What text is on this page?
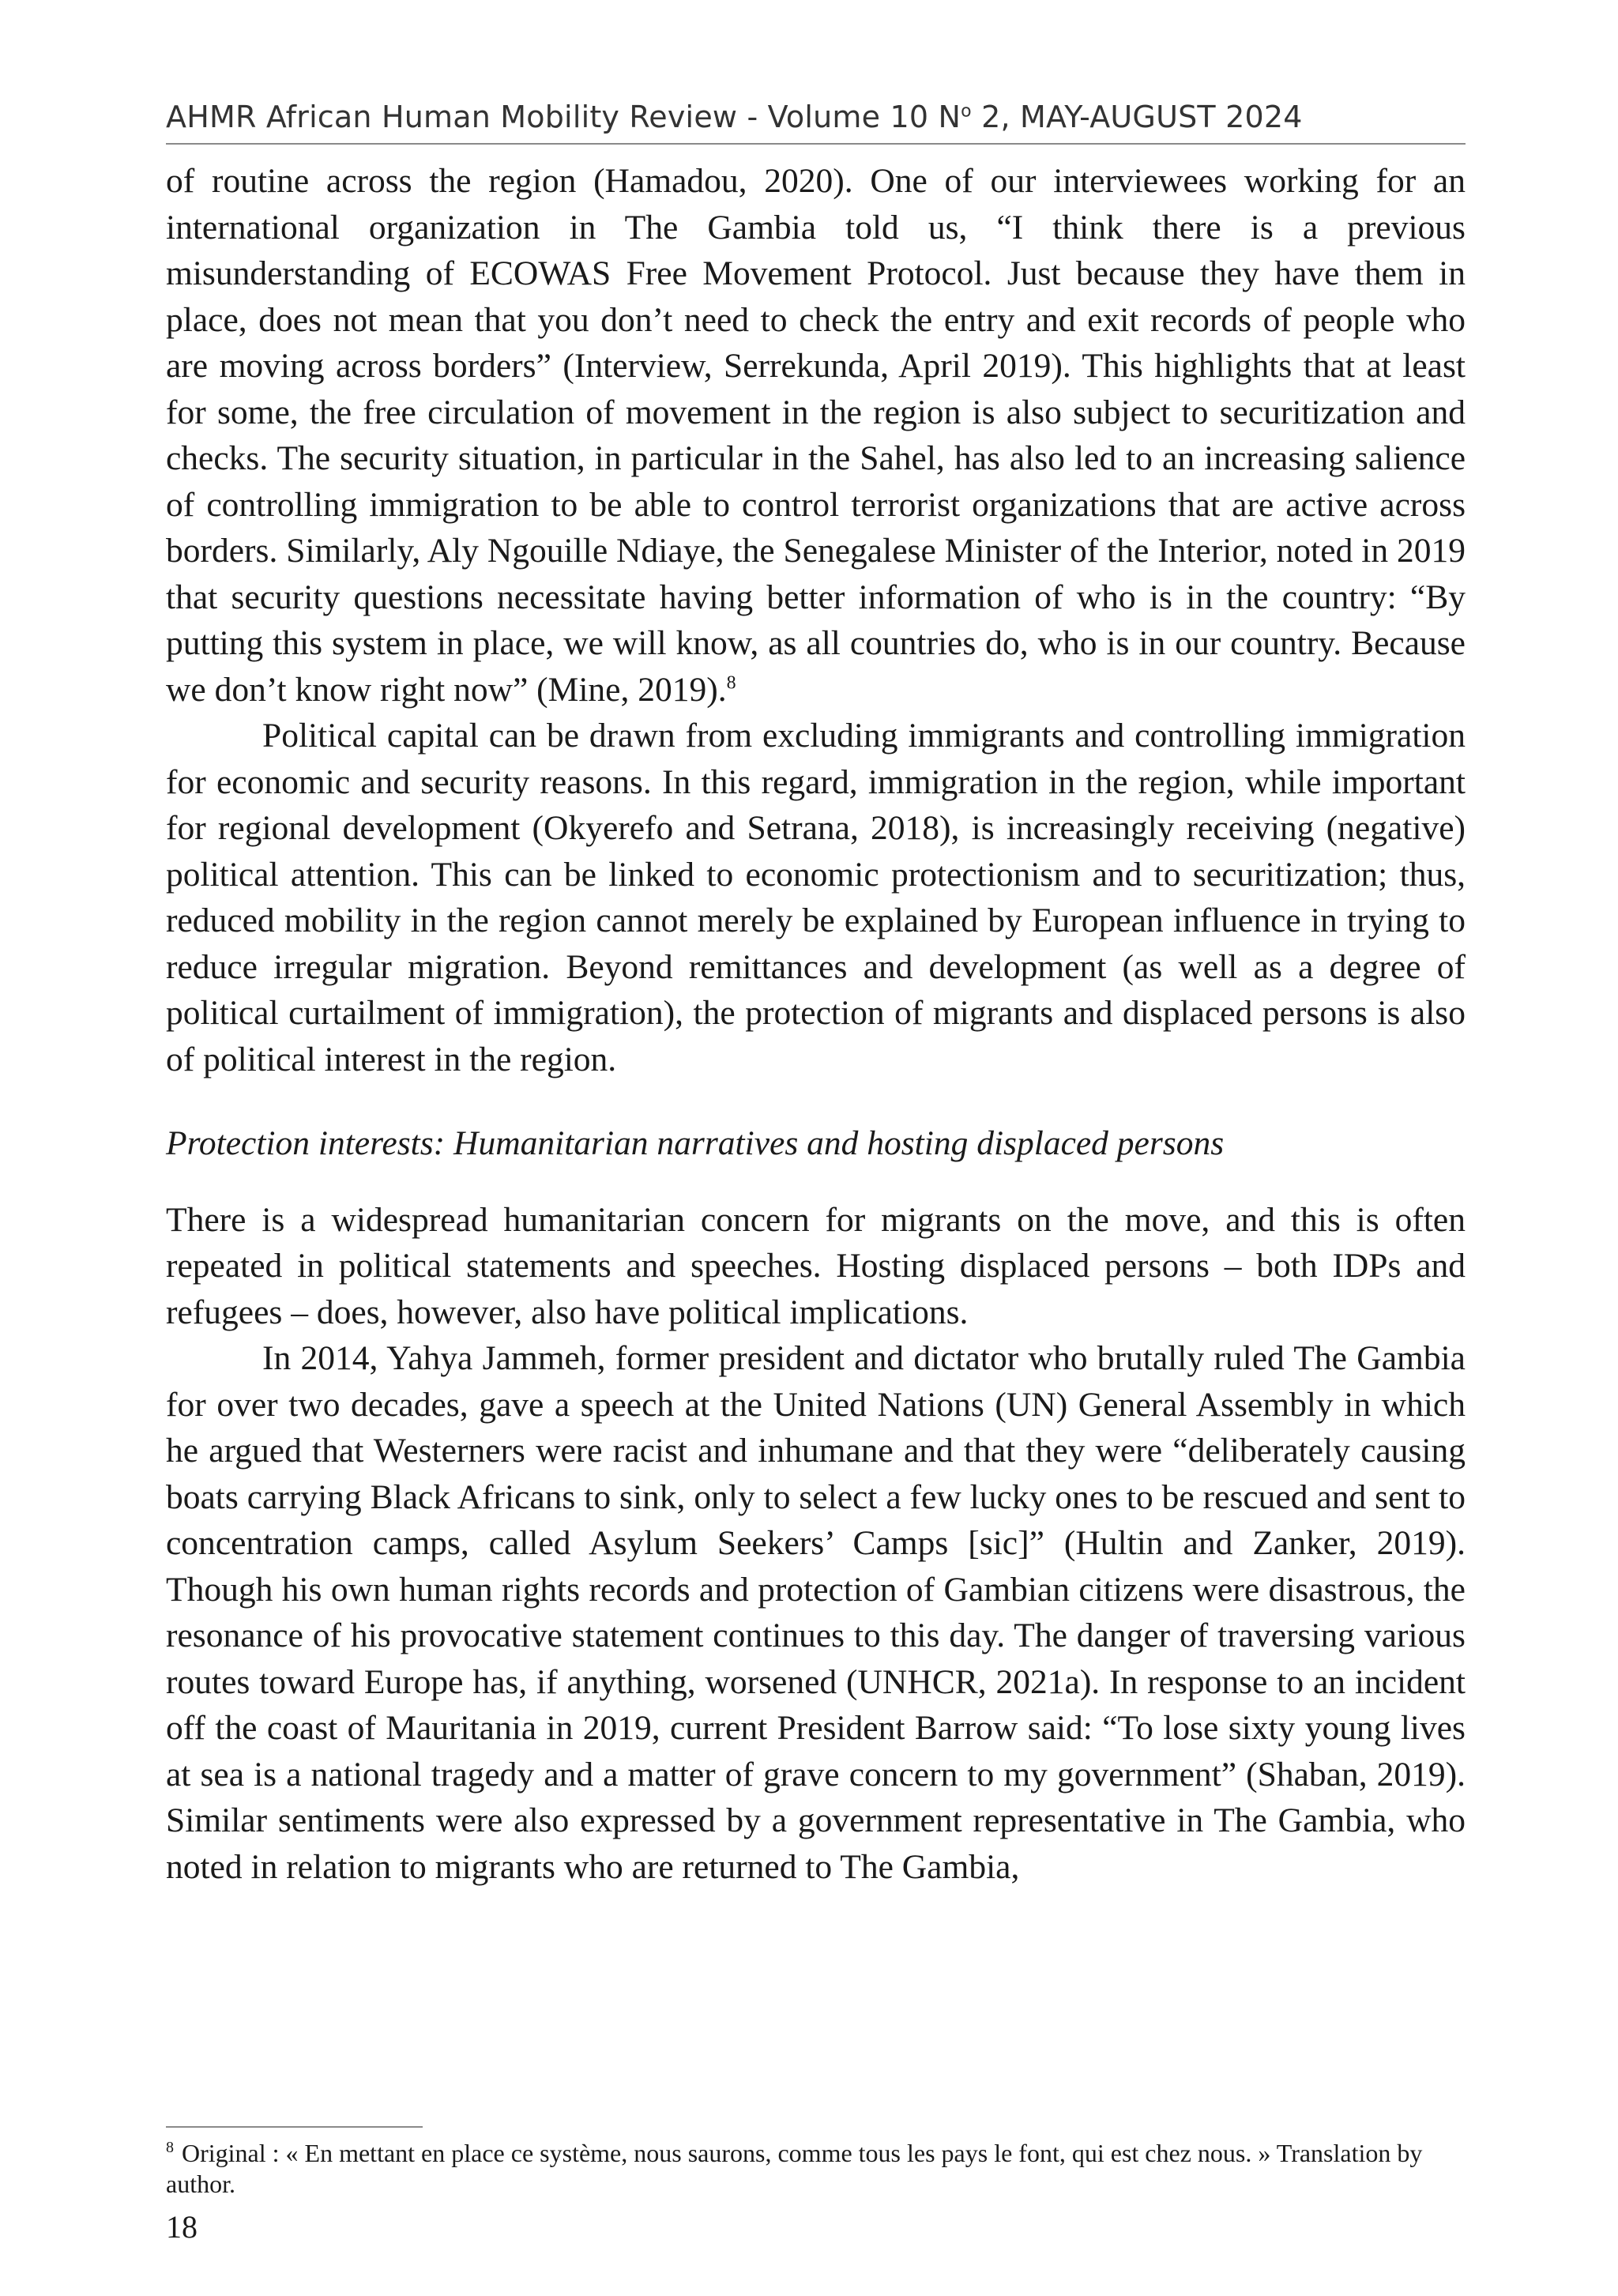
AHMR African Human Mobility Review - Volume 10 $N^o$ 2, MAY-AUGUST 2024

of routine across the region (Hamadou, 2020). One of our interviewees working for an international organization in The Gambia told us, “I think there is a previous misunderstanding of ECOWAS Free Movement Protocol. Just because they have them in place, does not mean that you don’t need to check the entry and exit records of people who are moving across borders” (Interview, Serrekunda, April 2019). This highlights that at least for some, the free circulation of movement in the region is also subject to securitization and checks. The security situation, in particular in the Sahel, has also led to an increasing salience of controlling immigration to be able to control terrorist organizations that are active across borders. Similarly, Aly Ngouille Ndiaye, the Senegalese Minister of the Interior, noted in 2019 that security questions necessitate having better information of who is in the country: “By putting this system in place, we will know, as all countries do, who is in our country. Because we don’t know right now” (Mine, 2019).$^8$

Political capital can be drawn from excluding immigrants and controlling immigration for economic and security reasons. In this regard, immigration in the region, while important for regional development (Okyerefo and Setrana, 2018), is increasingly receiving (negative) political attention. This can be linked to economic protectionism and to securitization; thus, reduced mobility in the region cannot merely be explained by European influence in trying to reduce irregular migration. Beyond remittances and development (as well as a degree of political curtailment of immigration), the protection of migrants and displaced persons is also of political interest in the region.

Protection interests: Humanitarian narratives and hosting displaced persons

There is a widespread humanitarian concern for migrants on the move, and this is often repeated in political statements and speeches. Hosting displaced persons – both IDPs and refugees – does, however, also have political implications.

In 2014, Yahya Jammeh, former president and dictator who brutally ruled The Gambia for over two decades, gave a speech at the United Nations (UN) General Assembly in which he argued that Westerners were racist and inhumane and that they were “deliberately causing boats carrying Black Africans to sink, only to select a few lucky ones to be rescued and sent to concentration camps, called Asylum Seekers’ Camps [sic]” (Hultin and Zanker, 2019). Though his own human rights records and protection of Gambian citizens were disastrous, the resonance of his provocative statement continues to this day. The danger of traversing various routes toward Europe has, if anything, worsened (UNHCR, 2021a). In response to an incident off the coast of Mauritania in 2019, current President Barrow said: “To lose sixty young lives at sea is a national tragedy and a matter of grave concern to my government” (Shaban, 2019). Similar sentiments were also expressed by a government representative in The Gambia, who noted in relation to migrants who are returned to The Gambia,

$^8$ Original : « En mettant en place ce système, nous saurons, comme tous les pays le font, qui est chez nous. » Translation by author.
18
